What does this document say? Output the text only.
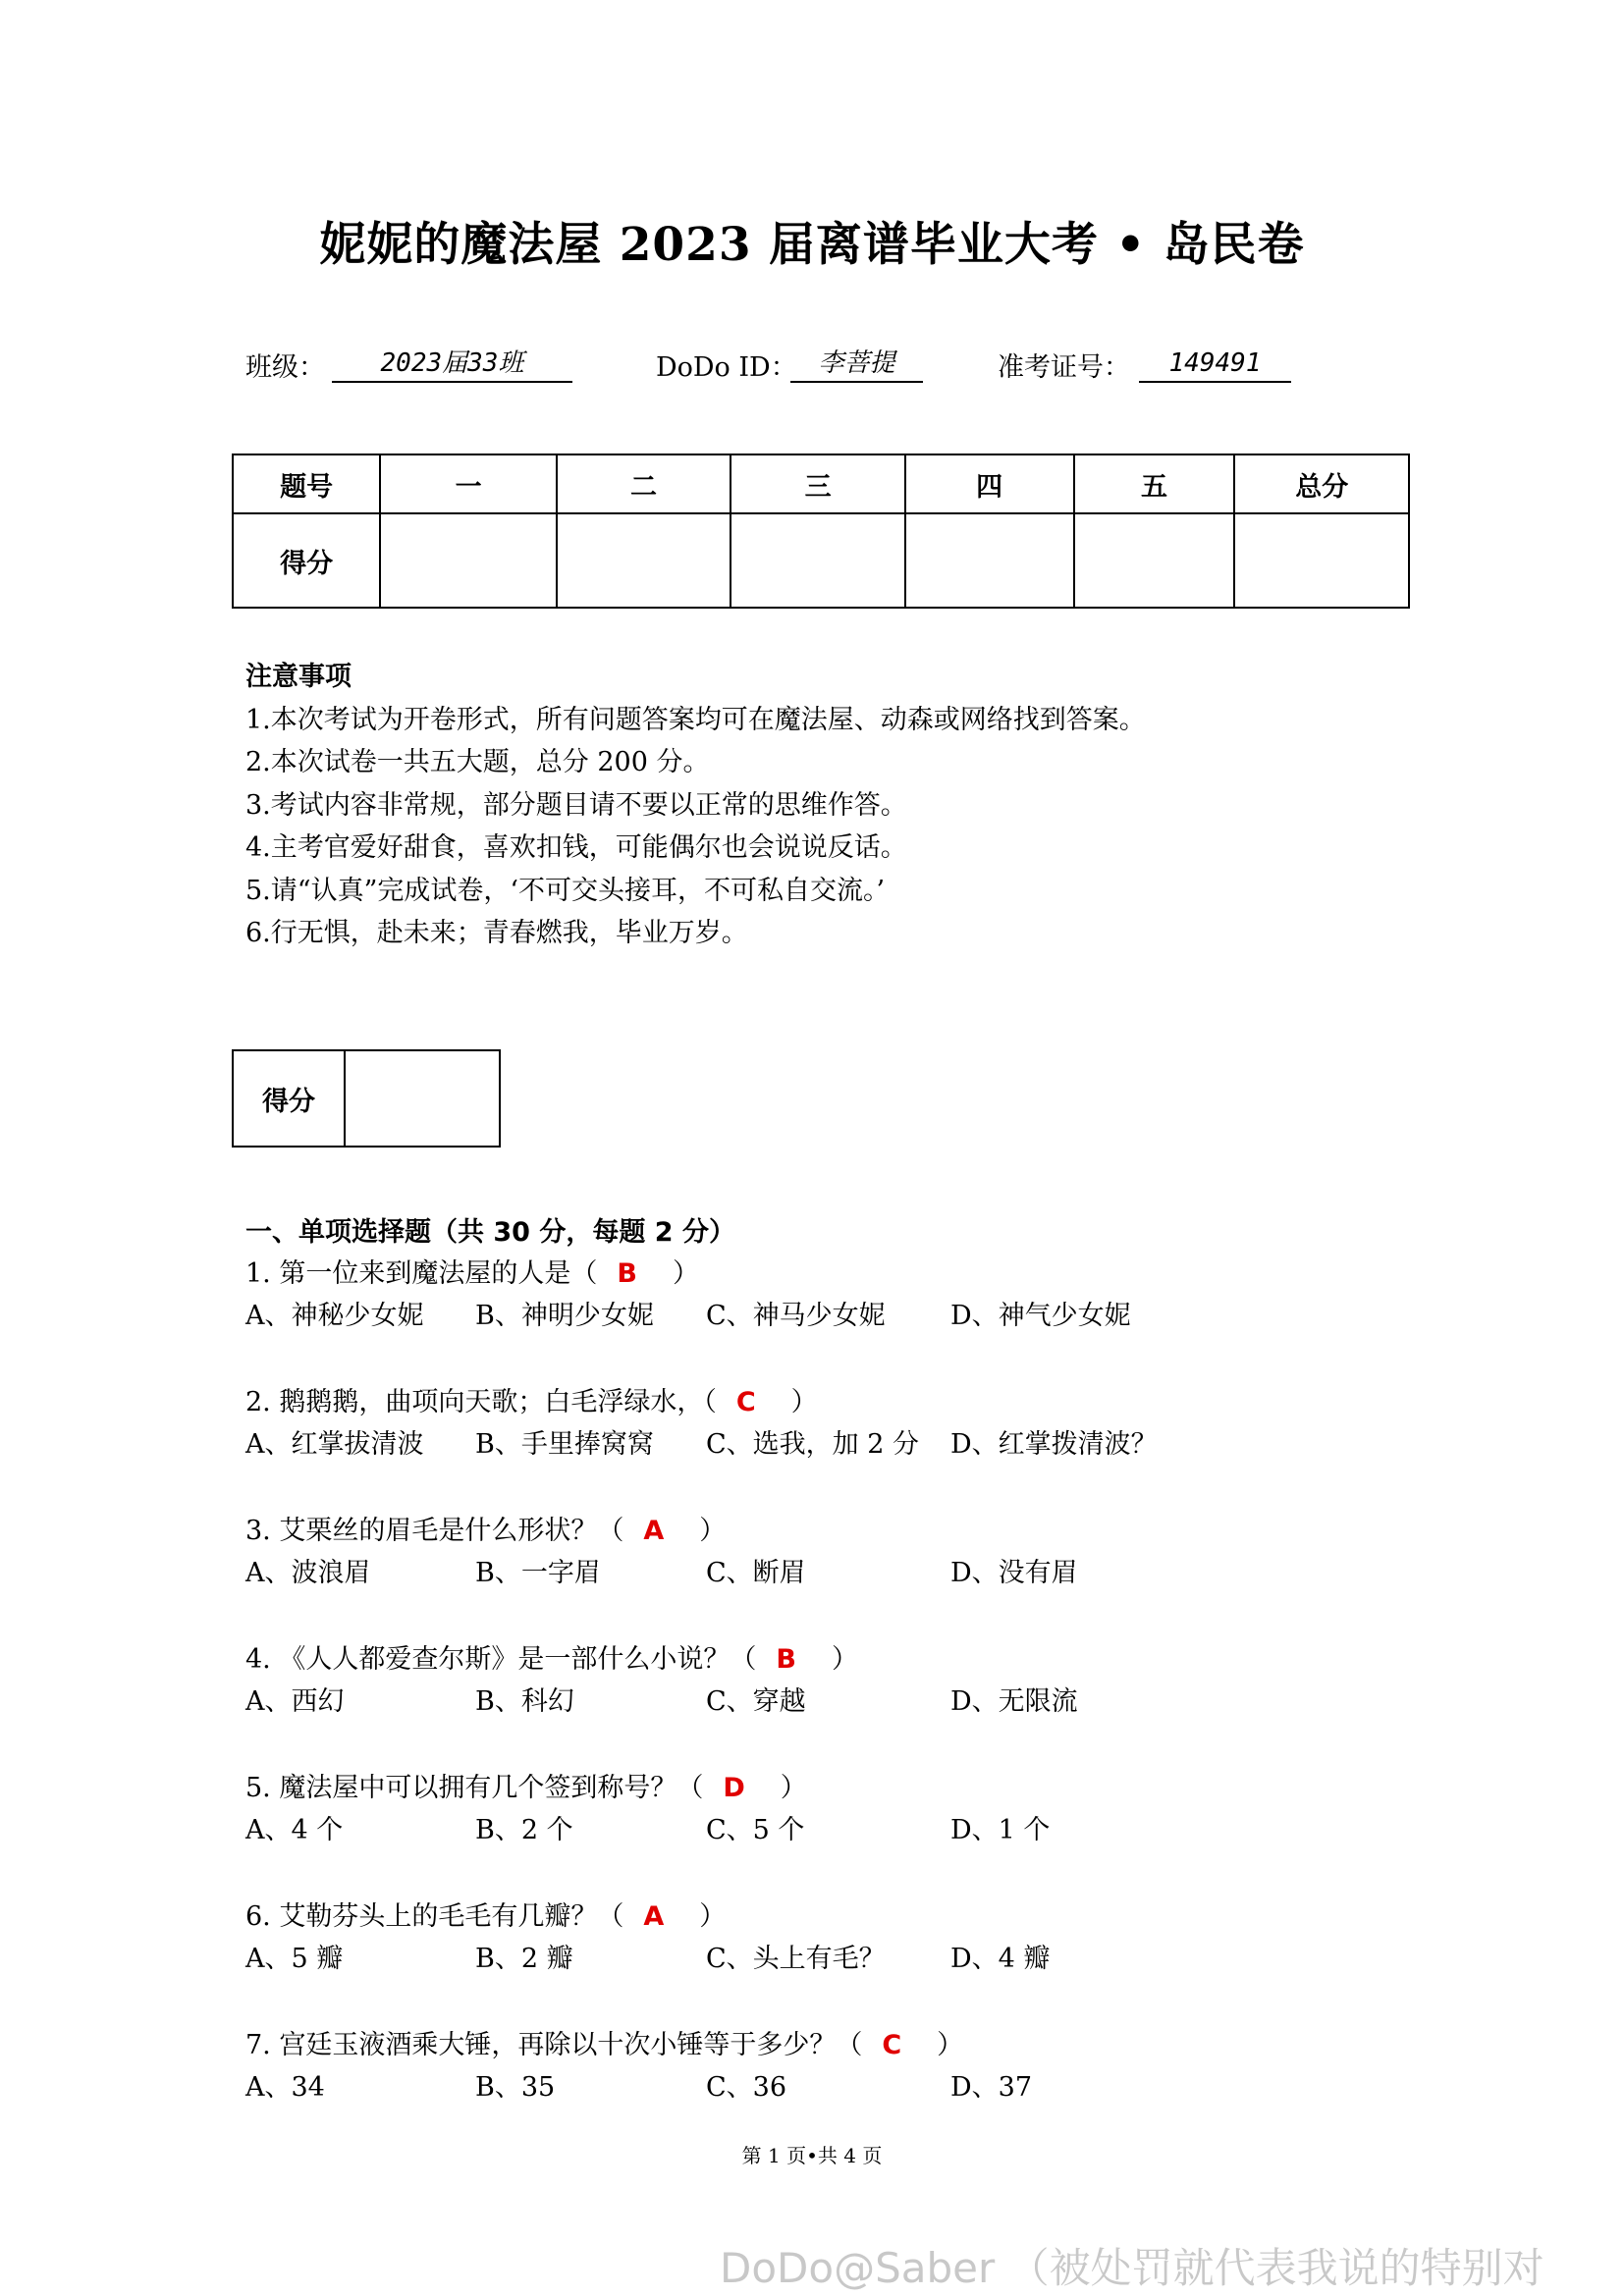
妮妮的魔法屋 2023 届离谱毕业大考 • 岛民卷
班级：	2023届33班	DoDo ID： 李菩提	准考证号：	149491
题号	一	二	三	四	五	总分
得分						
注意事项
1.本次考试为开卷形式，所有问题答案均可在魔法屋、动森或网络找到答案。
2.本次试卷一共五大题，总分 200 分。
3.考试内容非常规，部分题目请不要以正常的思维作答。
4.主考官爱好甜食，喜欢扣钱，可能偶尔也会说说反话。
5.请“认真”完成试卷，‘不可交头接耳，不可私自交流。’
6.行无惧，赴未来；青春燃我，毕业万岁。
得分
一、单项选择题（共 30 分，每题 2 分）
1. 第一位来到魔法屋的人是（ B ）
A、神秘少女妮 B、神明少女妮 C、神马少女妮 D、神气少女妮
2. 鹅鹅鹅，曲项向天歌；白毛浮绿水，（ C ）
A、红掌拔清波 B、手里捧窝窝 C、选我，加 2 分 D、红掌拨清波？
3. 艾栗丝的眉毛是什么形状？（ A ）
A、波浪眉	B、一字眉	C、断眉	D、没有眉
4. 《人人都爱查尔斯》是一部什么小说？（ B ）
A、西幻	B、科幻	C、穿越	D、无限流
5. 魔法屋中可以拥有几个签到称号？（ D ）
A、4 个	B、2 个	C、5 个	D、1 个
6. 艾勒芬头上的毛毛有几瓣？（ A ）
A、5 瓣	B、2 瓣	C、头上有毛？ D、4 瓣
7. 宫廷玉液酒乘大锤，再除以十次小锤等于多少？（ C ）
A、34	B、35	C、36	D、37
第 1 页•共 4 页
DoDo@Saber （被处罚就代表我说的特别对
